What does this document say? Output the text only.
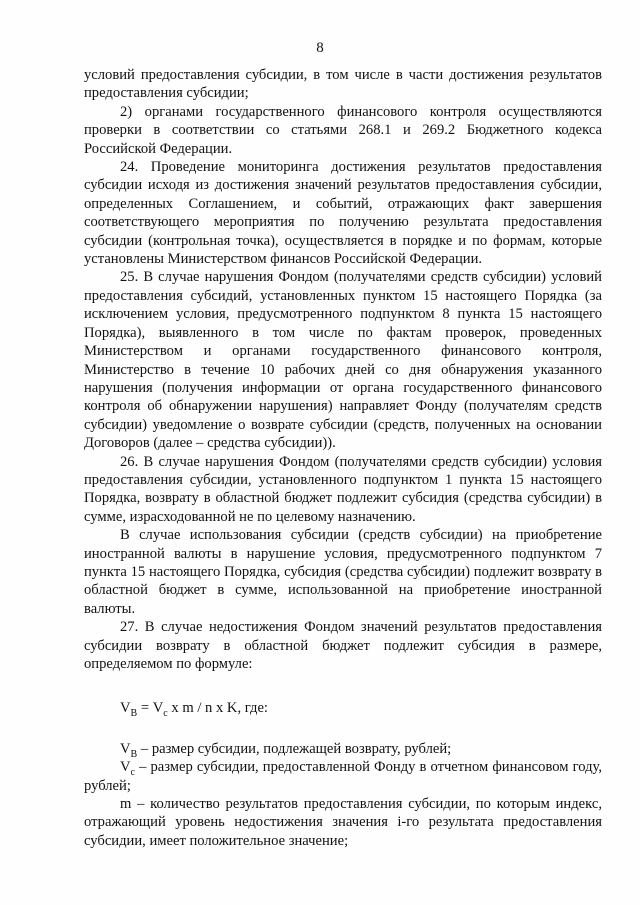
8

условий предоставления субсидии, в том числе в части достижения результатов предоставления субсидии;

2) органами государственного финансового контроля осуществляются проверки в соответствии со статьями 268.1 и 269.2 Бюджетного кодекса Российской Федерации.

24. Проведение мониторинга достижения результатов предоставления субсидии исходя из достижения значений результатов предоставления субсидии, определенных Соглашением, и событий, отражающих факт завершения соответствующего мероприятия по получению результата предоставления субсидии (контрольная точка), осуществляется в порядке и по формам, которые установлены Министерством финансов Российской Федерации.

25. В случае нарушения Фондом (получателями средств субсидии) условий предоставления субсидий, установленных пунктом 15 настоящего Порядка (за исключением условия, предусмотренного подпунктом 8 пункта 15 настоящего Порядка), выявленного в том числе по фактам проверок, проведенных Министерством и органами государственного финансового контроля, Министерство в течение 10 рабочих дней со дня обнаружения указанного нарушения (получения информации от органа государственного финансового контроля об обнаружении нарушения) направляет Фонду (получателям средств субсидии) уведомление о возврате субсидии (средств, полученных на основании Договоров (далее – средства субсидии)).

26. В случае нарушения Фондом (получателями средств субсидии) условия предоставления субсидии, установленного подпунктом 1 пункта 15 настоящего Порядка, возврату в областной бюджет подлежит субсидия (средства субсидии) в сумме, израсходованной не по целевому назначению.

В случае использования субсидии (средств субсидии) на приобретение иностранной валюты в нарушение условия, предусмотренного подпунктом 7 пункта 15 настоящего Порядка, субсидия (средства субсидии) подлежит возврату в областной бюджет в сумме, использованной на приобретение иностранной валюты.

27. В случае недостижения Фондом значений результатов предоставления субсидии возврату в областной бюджет подлежит субсидия в размере, определяемом по формуле:

$V_В = V_с$ x m / n x K, где:

$V_В$ – размер субсидии, подлежащей возврату, рублей;

$V_с$ – размер субсидии, предоставленной Фонду в отчетном финансовом году, рублей;

m – количество результатов предоставления субсидии, по которым индекс, отражающий уровень недостижения значения i-го результата предоставления субсидии, имеет положительное значение;
